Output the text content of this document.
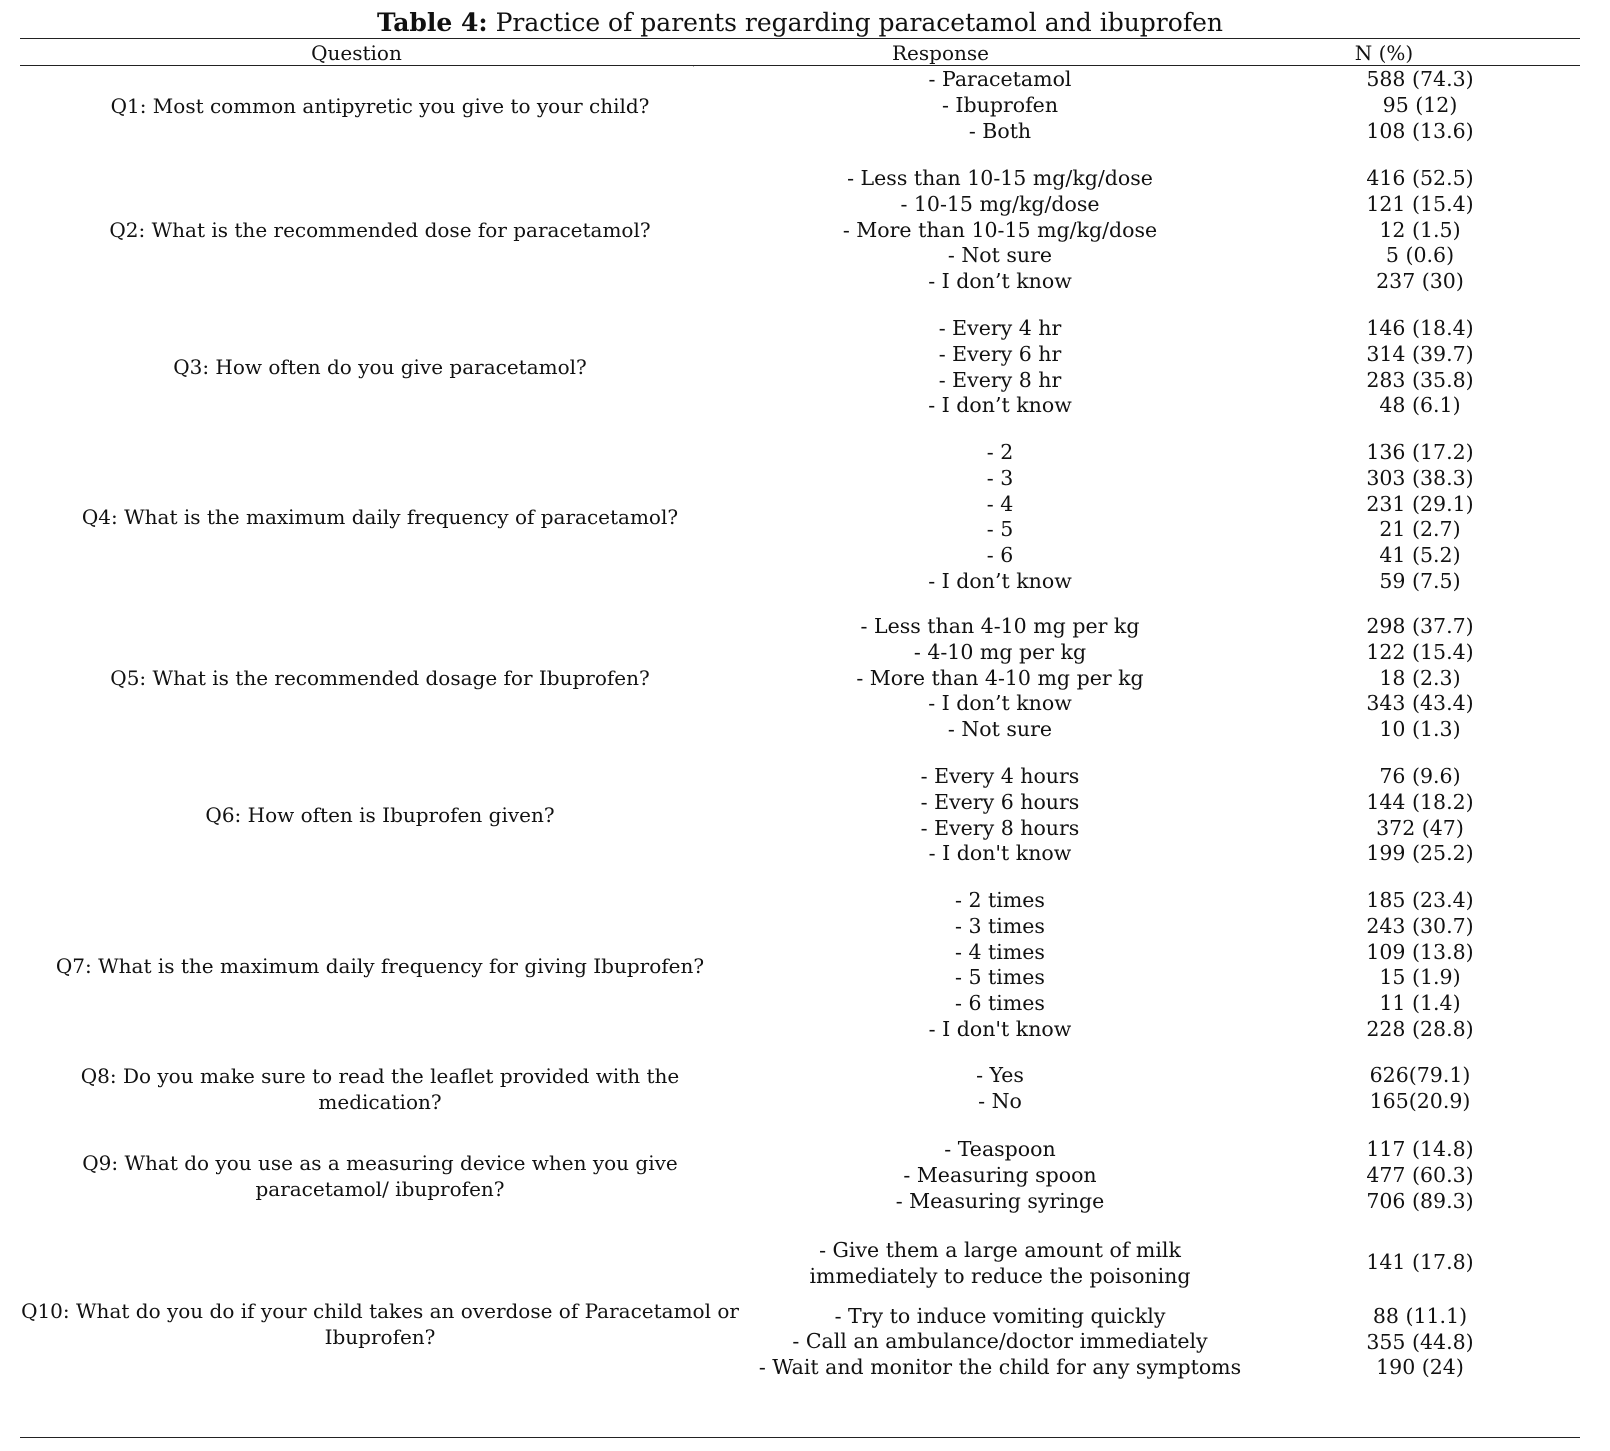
Table 4: Practice of parents regarding paracetamol and ibuprofen
Question	Response	N (%)
Q1: Most common antipyretic you give to your child?
- Paracetamol
- Ibuprofen
- Both
588 (74.3)
95 (12)
108 (13.6)
Q2: What is the recommended dose for paracetamol?
- Less than 10-15 mg/kg/dose
- 10-15 mg/kg/dose
- More than 10-15 mg/kg/dose
- Not sure
- I don’t know
416 (52.5)
121 (15.4)
12 (1.5)
5 (0.6)
237 (30)
Q3: How often do you give paracetamol?
- Every 4 hr
- Every 6 hr
- Every 8 hr
- I don’t know
146 (18.4)
314 (39.7)
283 (35.8)
48 (6.1)
Q4: What is the maximum daily frequency of paracetamol?
- 2
- 3
- 4
- 5
- 6
- I don’t know
136 (17.2)
303 (38.3)
231 (29.1)
21 (2.7)
41 (5.2)
59 (7.5)
Q5: What is the recommended dosage for Ibuprofen?
- Less than 4-10 mg per kg
- 4-10 mg per kg
- More than 4-10 mg per kg
- I don’t know
- Not sure
298 (37.7)
122 (15.4)
18 (2.3)
343 (43.4)
10 (1.3)
Q6: How often is Ibuprofen given?
- Every 4 hours
- Every 6 hours
- Every 8 hours
- I don't know
76 (9.6)
144 (18.2)
372 (47)
199 (25.2)
Q7: What is the maximum daily frequency for giving Ibuprofen?
- 2 times
- 3 times
- 4 times
- 5 times
- 6 times
- I don't know
185 (23.4)
243 (30.7)
109 (13.8)
15 (1.9)
11 (1.4)
228 (28.8)
Q8: Do you make sure to read the leaflet provided with the
medication?
- Yes
- No
626(79.1)
165(20.9)
Q9: What do you use as a measuring device when you give
paracetamol/ ibuprofen?
- Teaspoon
- Measuring spoon
- Measuring syringe
117 (14.8)
477 (60.3)
706 (89.3)
Q10: What do you do if your child takes an overdose of Paracetamol or
Ibuprofen?
- Give them a large amount of milk immediately to reduce the poisoning
- Try to induce vomiting quickly
- Call an ambulance/doctor immediately
- Wait and monitor the child for any symptoms
141 (17.8)
88 (11.1)
355 (44.8)
190 (24)
